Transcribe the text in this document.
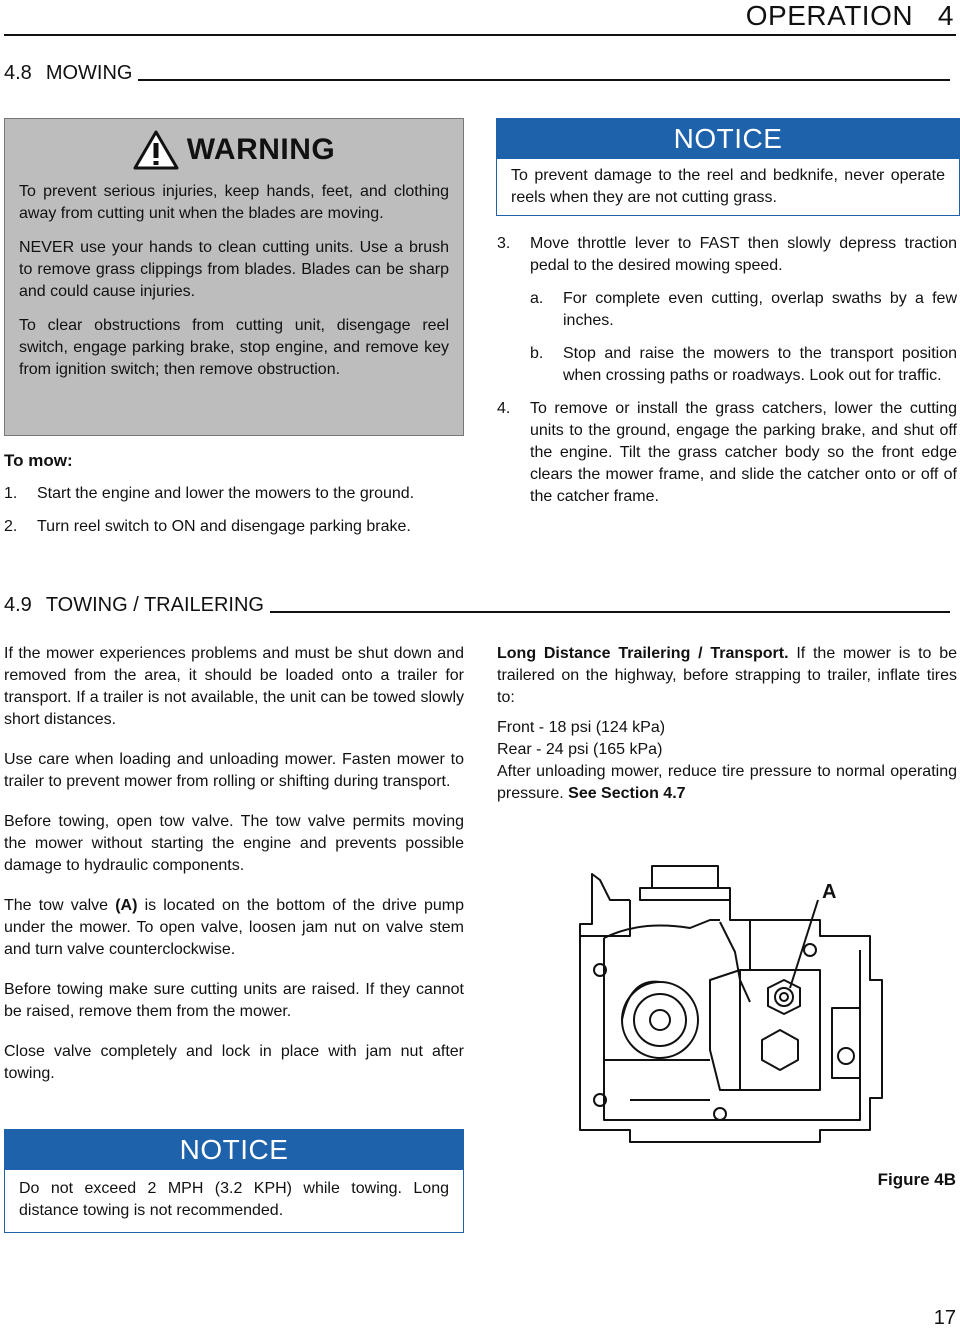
OPERATION   4
4.8 MOWING
WARNING

To prevent serious injuries, keep hands, feet, and clothing away from cutting unit when the blades are moving.

NEVER use your hands to clean cutting units. Use a brush to remove grass clippings from blades. Blades can be sharp and could cause injuries.

To clear obstructions from cutting unit, disengage reel switch, engage parking brake, stop engine, and remove key from ignition switch; then remove obstruction.

To mow:

1.	Start the engine and lower the mowers to the ground.
2.	Turn reel switch to ON and disengage parking brake.
NOTICE
To prevent damage to the reel and bedknife, never operate reels when they are not cutting grass.
3.	Move throttle lever to FAST then slowly depress traction pedal to the desired mowing speed.
a.	For complete even cutting, overlap swaths by a few inches.
b.	Stop and raise the mowers to the transport position when crossing paths or roadways. Look out for traffic.
4.	To remove or install the grass catchers, lower the cutting units to the ground, engage the parking brake, and shut off the engine. Tilt the grass catcher body so the front edge clears the mower frame, and slide the catcher onto or off of the catcher frame.
4.9 TOWING / TRAILERING

If the mower experiences problems and must be shut down and removed from the area, it should be loaded onto a trailer for transport. If a trailer is not available, the unit can be towed slowly short distances.

Use care when loading and unloading mower. Fasten mower to trailer to prevent mower from rolling or shifting during transport.

Before towing, open tow valve. The tow valve permits moving the mower without starting the engine and prevents possible damage to hydraulic components.

The tow valve (A) is located on the bottom of the drive pump under the mower. To open valve, loosen jam nut on valve stem and turn valve counterclockwise.

Before towing make sure cutting units are raised. If they cannot be raised, remove them from the mower.

Close valve completely and lock in place with jam nut after towing.

NOTICE
Do not exceed 2 MPH (3.2 KPH) while towing. Long distance towing is not recommended.

Long Distance Trailering / Transport. If the mower is to be trailered on the highway, before strapping to trailer, inflate tires to:

Front - 18 psi (124 kPa)

Rear - 24 psi (165 kPa)

After unloading mower, reduce tire pressure to normal operating pressure. See Section 4.7

A
Figure 4B
17
